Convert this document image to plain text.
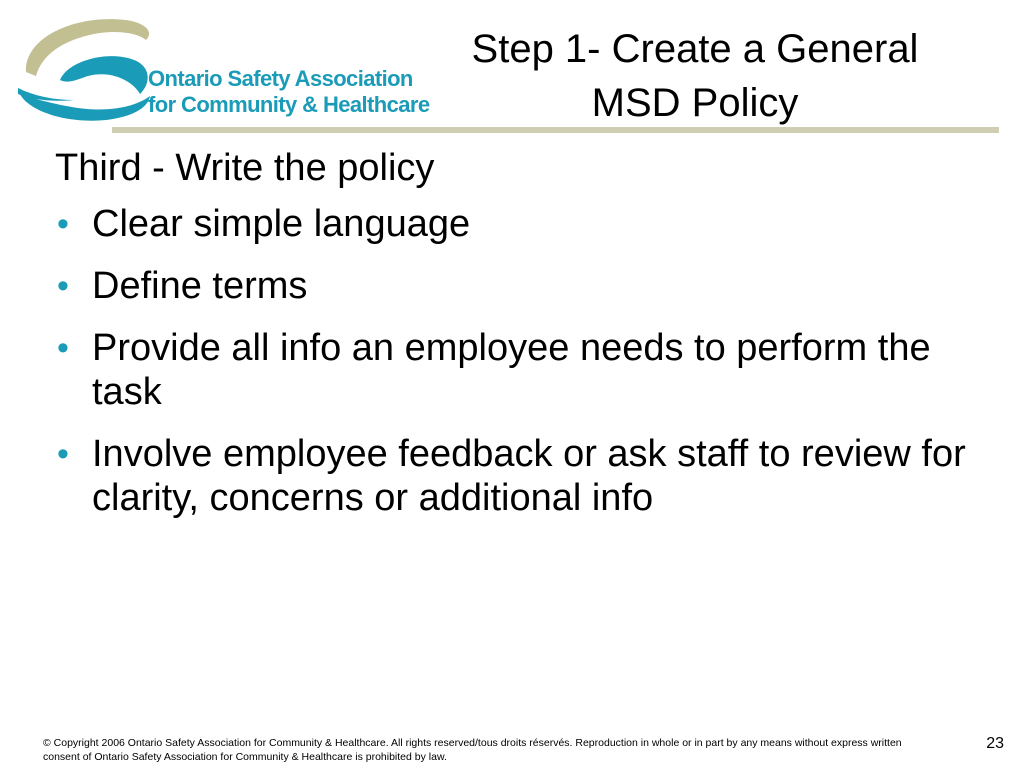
Ontario Safety Association
for Community & Healthcare
Step 1- Create a General
MSD Policy

Third - Write the policy

• Clear simple language
• Define terms
• Provide all info an employee needs to perform the task
• Involve employee feedback or ask staff to review for clarity, concerns or additional info
© Copyright 2006 Ontario Safety Association for Community & Healthcare. All rights reserved/tous droits réservés. Reproduction in whole or in part by any means without express written consent of Ontario Safety Association for Community & Healthcare is prohibited by law.
23
